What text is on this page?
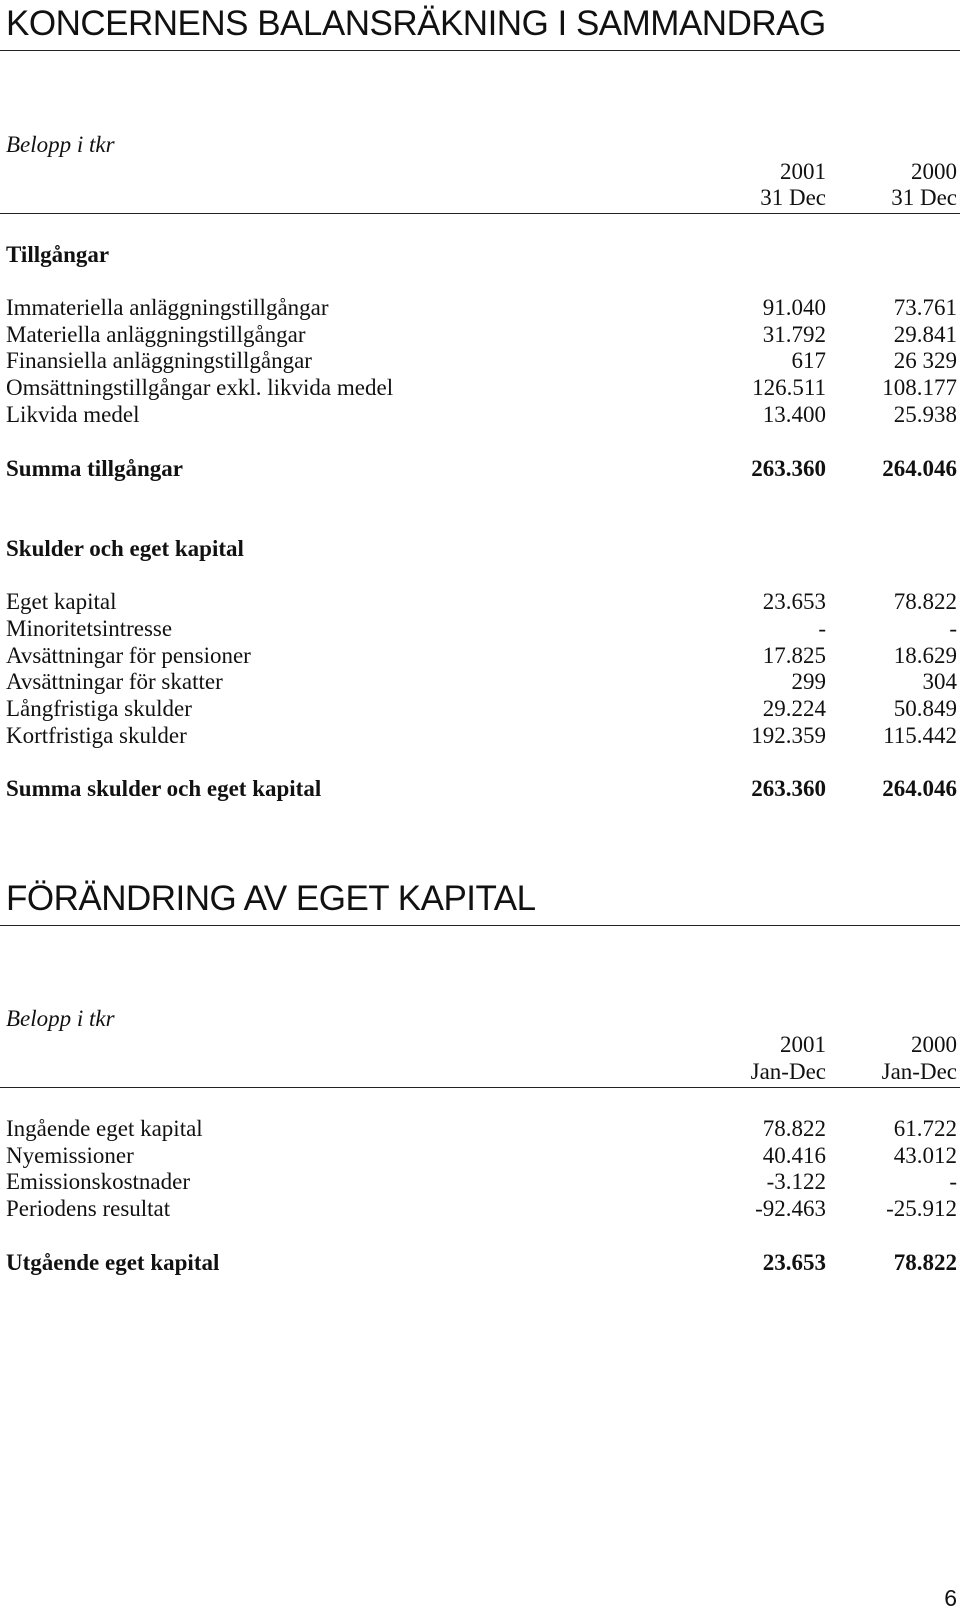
KONCERNENS BALANSRÄKNING I SAMMANDRAG
Belopp i tkr
2001	2000
31 Dec	31 Dec
Tillgångar
Immateriella anläggningstillgångar	91.040	73.761
Materiella anläggningstillgångar	31.792	29.841
Finansiella anläggningstillgångar	617	26 329
Omsättningstillgångar exkl. likvida medel	126.511	108.177
Likvida medel	13.400	25.938
Summa tillgångar	263.360	264.046
Skulder och eget kapital
Eget kapital	23.653	78.822
Minoritetsintresse	-	-
Avsättningar för pensioner	17.825	18.629
Avsättningar för skatter	299	304
Långfristiga skulder	29.224	50.849
Kortfristiga skulder	192.359	115.442
Summa skulder och eget kapital	263.360	264.046
FÖRÄNDRING AV EGET KAPITAL
Belopp i tkr
2001	2000
Jan-Dec	Jan-Dec
Ingående eget kapital	78.822	61.722
Nyemissioner	40.416	43.012
Emissionskostnader	-3.122	-
Periodens resultat	-92.463	-25.912
Utgående eget kapital	23.653	78.822
6
